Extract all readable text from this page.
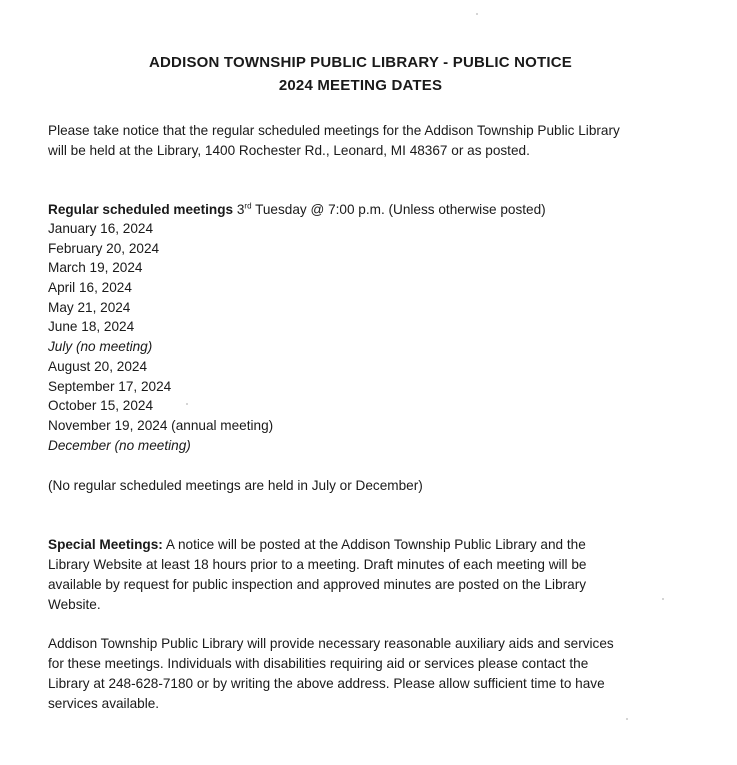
ADDISON TOWNSHIP PUBLIC LIBRARY - PUBLIC NOTICE
2024 MEETING DATES
Please take notice that the regular scheduled meetings for the Addison Township Public Library
will be held at the Library, 1400 Rochester Rd., Leonard, MI 48367 or as posted.
Regular scheduled meetings 3rd Tuesday @ 7:00 p.m. (Unless otherwise posted)
January 16, 2024
February 20, 2024
March 19, 2024
April 16, 2024
May 21, 2024
June 18, 2024
July (no meeting)
August 20, 2024
September 17, 2024
October 15, 2024
November 19, 2024 (annual meeting)
December (no meeting)
(No regular scheduled meetings are held in July or December)
Special Meetings: A notice will be posted at the Addison Township Public Library and the
Library Website at least 18 hours prior to a meeting. Draft minutes of each meeting will be
available by request for public inspection and approved minutes are posted on the Library
Website.
Addison Township Public Library will provide necessary reasonable auxiliary aids and services
for these meetings. Individuals with disabilities requiring aid or services please contact the
Library at 248-628-7180 or by writing the above address. Please allow sufficient time to have
services available.
